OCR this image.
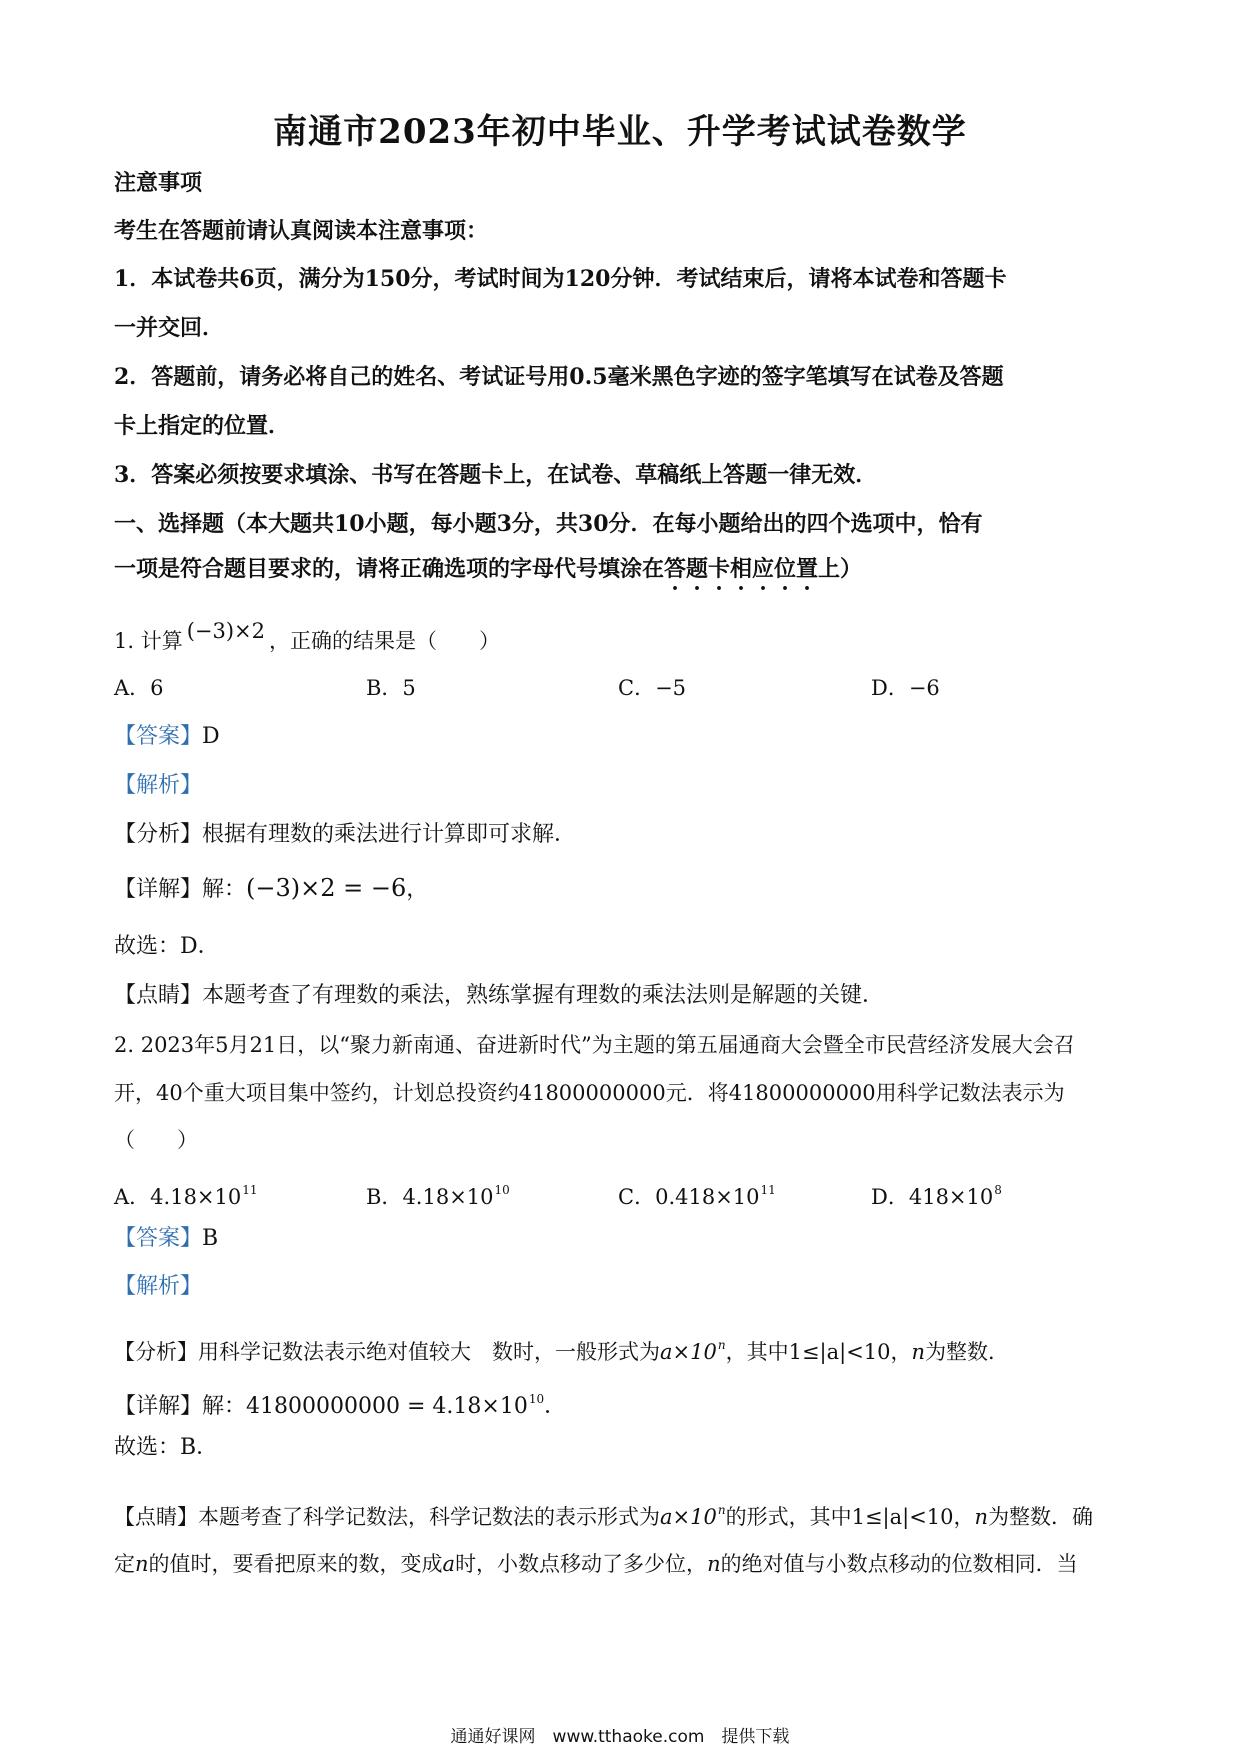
南通市2023年初中毕业、升学考试试卷数学
注意事项
考生在答题前请认真阅读本注意事项：
1．本试卷共6页，满分为150分，考试时间为120分钟．考试结束后，请将本试卷和答题卡
一并交回．
2．答题前，请务必将自己的姓名、考试证号用0.5毫米黑色字迹的签字笔填写在试卷及答题
卡上指定的位置．
3．答案必须按要求填涂、书写在答题卡上，在试卷、草稿纸上答题一律无效．
一、选择题（本大题共10小题，每小题3分，共30分．在每小题给出的四个选项中，恰有
一项是符合题目要求的，请将正确选项的字母代号填涂在答题卡相应位置上）
1. 计算 (−3)×2 ，正确的结果是（　　）
A．6	B．5	C．−5	D．−6
【答案】D
【解析】
【分析】根据有理数的乘法进行计算即可求解．
【详解】解：(−3)×2 = −6，
故选：D．
【点睛】本题考查了有理数的乘法，熟练掌握有理数的乘法法则是解题的关键．
2. 2023年5月21日，以“聚力新南通、奋进新时代”为主题的第五届通商大会暨全市民营经济发展大会召
开，40个重大项目集中签约，计划总投资约41800000000元．将41800000000用科学记数法表示为
（　　）
A．$4.18\times 10^{11}$	B．$4.18\times 10^{10}$	C．$0.418\times 10^{11}$	D．$418\times 10^8$
【答案】B
【解析】
【分析】用科学记数法表示绝对值较大　数时，一般形式为$a\times 10^n$，其中1≤|a|<10，n为整数．
【详解】解：$41800000000 = 4.18\times 10^{10}$．
故选：B．
【点睛】本题考查了科学记数法，科学记数法的表示形式为$a\times 10^n$的形式，其中1≤|a|<10，n为整数．确
定n的值时，要看把原来的数，变成a时，小数点移动了多少位，n的绝对值与小数点移动的位数相同．当
通通好课网　www.tthaoke.com　提供下载
